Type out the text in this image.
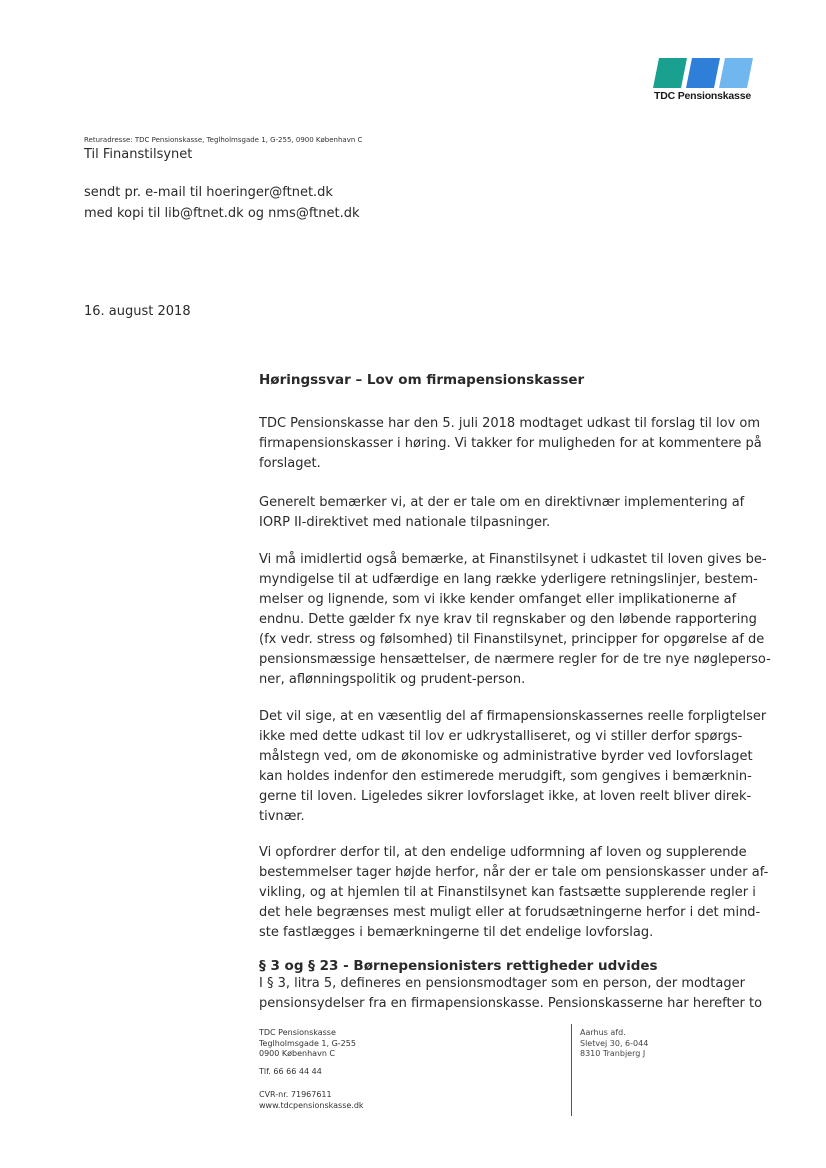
TDC Pensionskasse
Returadresse: TDC Pensionskasse, Teglholmsgade 1, G-255, 0900 København C
Til Finanstilsynet
sendt pr. e-mail til hoeringer@ftnet.dk
med kopi til lib@ftnet.dk og nms@ftnet.dk
16. august 2018
Høringssvar – Lov om firmapensionskasser
TDC Pensionskasse har den 5. juli 2018 modtaget udkast til forslag til lov om
firmapensionskasser i høring. Vi takker for muligheden for at kommentere på
forslaget.
Generelt bemærker vi, at der er tale om en direktivnær implementering af
IORP II-direktivet med nationale tilpasninger.
Vi må imidlertid også bemærke, at Finanstilsynet i udkastet til loven gives be-
myndigelse til at udfærdige en lang række yderligere retningslinjer, bestem-
melser og lignende, som vi ikke kender omfanget eller implikationerne af
endnu. Dette gælder fx nye krav til regnskaber og den løbende rapportering
(fx vedr. stress og følsomhed) til Finanstilsynet, principper for opgørelse af de
pensionsmæssige hensættelser, de nærmere regler for de tre nye nøgleperso-
ner, aflønningspolitik og prudent-person.
Det vil sige, at en væsentlig del af firmapensionskassernes reelle forpligtelser
ikke med dette udkast til lov er udkrystalliseret, og vi stiller derfor spørgs-
målstegn ved, om de økonomiske og administrative byrder ved lovforslaget
kan holdes indenfor den estimerede merudgift, som gengives i bemærknin-
gerne til loven. Ligeledes sikrer lovforslaget ikke, at loven reelt bliver direk-
tivnær.
Vi opfordrer derfor til, at den endelige udformning af loven og supplerende
bestemmelser tager højde herfor, når der er tale om pensionskasser under af-
vikling, og at hjemlen til at Finanstilsynet kan fastsætte supplerende regler i
det hele begrænses mest muligt eller at forudsætningerne herfor i det mind-
ste fastlægges i bemærkningerne til det endelige lovforslag.
§ 3 og § 23 - Børnepensionisters rettigheder udvides
I § 3, litra 5, defineres en pensionsmodtager som en person, der modtager
pensionsydelser fra en firmapensionskasse. Pensionskasserne har herefter to
TDC Pensionskasse
Teglholmsgade 1, G-255
0900 København C
Tlf. 66 66 44 44
CVR-nr. 71967611
www.tdcpensionskasse.dk
Aarhus afd.
Sletvej 30, 6-044
8310 Tranbjerg J
